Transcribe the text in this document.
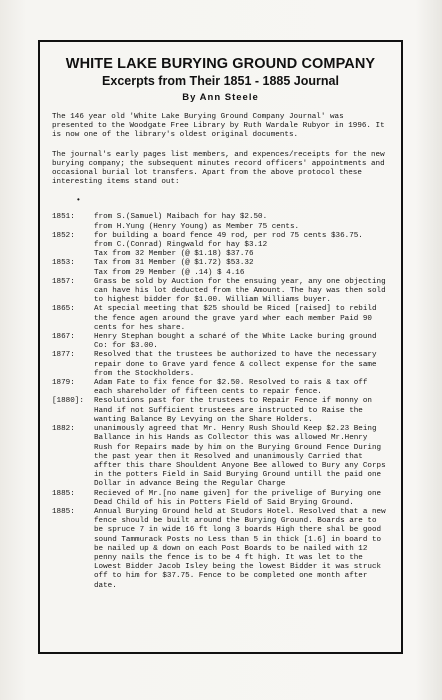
WHITE LAKE BURYING GROUND COMPANY
Excerpts from Their 1851 - 1885 Journal
By Ann Steele

The 146 year old 'White Lake Burying Ground Company Journal' was presented to the Woodgate Free Library by Ruth Wardale Rubyor in 1996. It is now one of the library's oldest original documents.

The journal's early pages list members, and expences/receipts for the new burying company; the subsequent minutes record officers' appointments and occasional burial lot transfers. Apart from the above protocol these interesting items stand out:

•
1851:	from S.(Samuel) Maibach for hay $2.50.
from H.Yung (Henry Young) as Member 75 cents.
1852:	for building a board fence 49 rod, per rod 75 cents $36.75.
from C.(Conrad) Ringwald for hay $3.12
Tax from 32 Member (@ $1.18) $37.76
1853:	Tax from 31 Member (@ $1.72) $53.32
Tax from 29 Member (@ .14) $ 4.16
1857:	Grass be sold by Auction for the ensuing year, any one objecting can have his lot deducted from the Amount. The hay was then sold to highest bidder for $1.00. William Williams buyer.
1865:	At special meeting that $25 should be Riced [raised] to rebild the fence agen around the grave yard wher each member Paid 90 cents for hes share.
1867:	Henry Stephan bought a scharé of the White Lacke buring ground Co: for $3.00.
1877:	Resolved that the trustees be authorized to have the necessary repair done to Grave yard fence & collect expense for the same from the Stockholders.
1879:	Adam Fate to fix fence for $2.50. Resolved to rais & tax off each shareholder of fifteen cents to repair fence.
[1880]:	Resolutions past for the trustees to Repair Fence if monny on Hand if not Sufficient trustees are instructed to Raise the wanting Balance By Levying on the Share Holders.
1882:	unanimously agreed that Mr. Henry Rush Should Keep $2.23 Being Ballance in his Hands as Collector this was allowed Mr.Henry Rush for Repairs made by him on the Burying Ground Fence During the past year then it Resolved and unanimously Carried that affter this thare Shouldent Anyone Bee allowed to Bury any Corps in the potters Field in Said Burying Ground untill the paid one Dollar in advance Being the Regular Charge
1885:	Recieved of Mr.[no name given] for the privelige of Burying one Dead Child of his in Potters Field of Said Brying Ground.
1885:	Annual Burying Ground held at Studors Hotel. Resolved that a new fence should be built around the Burying Ground. Boards are to be spruce 7 in wide 16 ft long 3 boards High there shal be good sound Tammurack Posts no Less than 5 in thick [1.6] in board to be nailed up & down on each Post Boards to be nailed with 12 penny nails the fence is to be 4 ft high. It was let to the Lowest Bidder Jacob Isley being the lowest Bidder it was struck off to him for $37.75. Fence to be completed one month after date.
